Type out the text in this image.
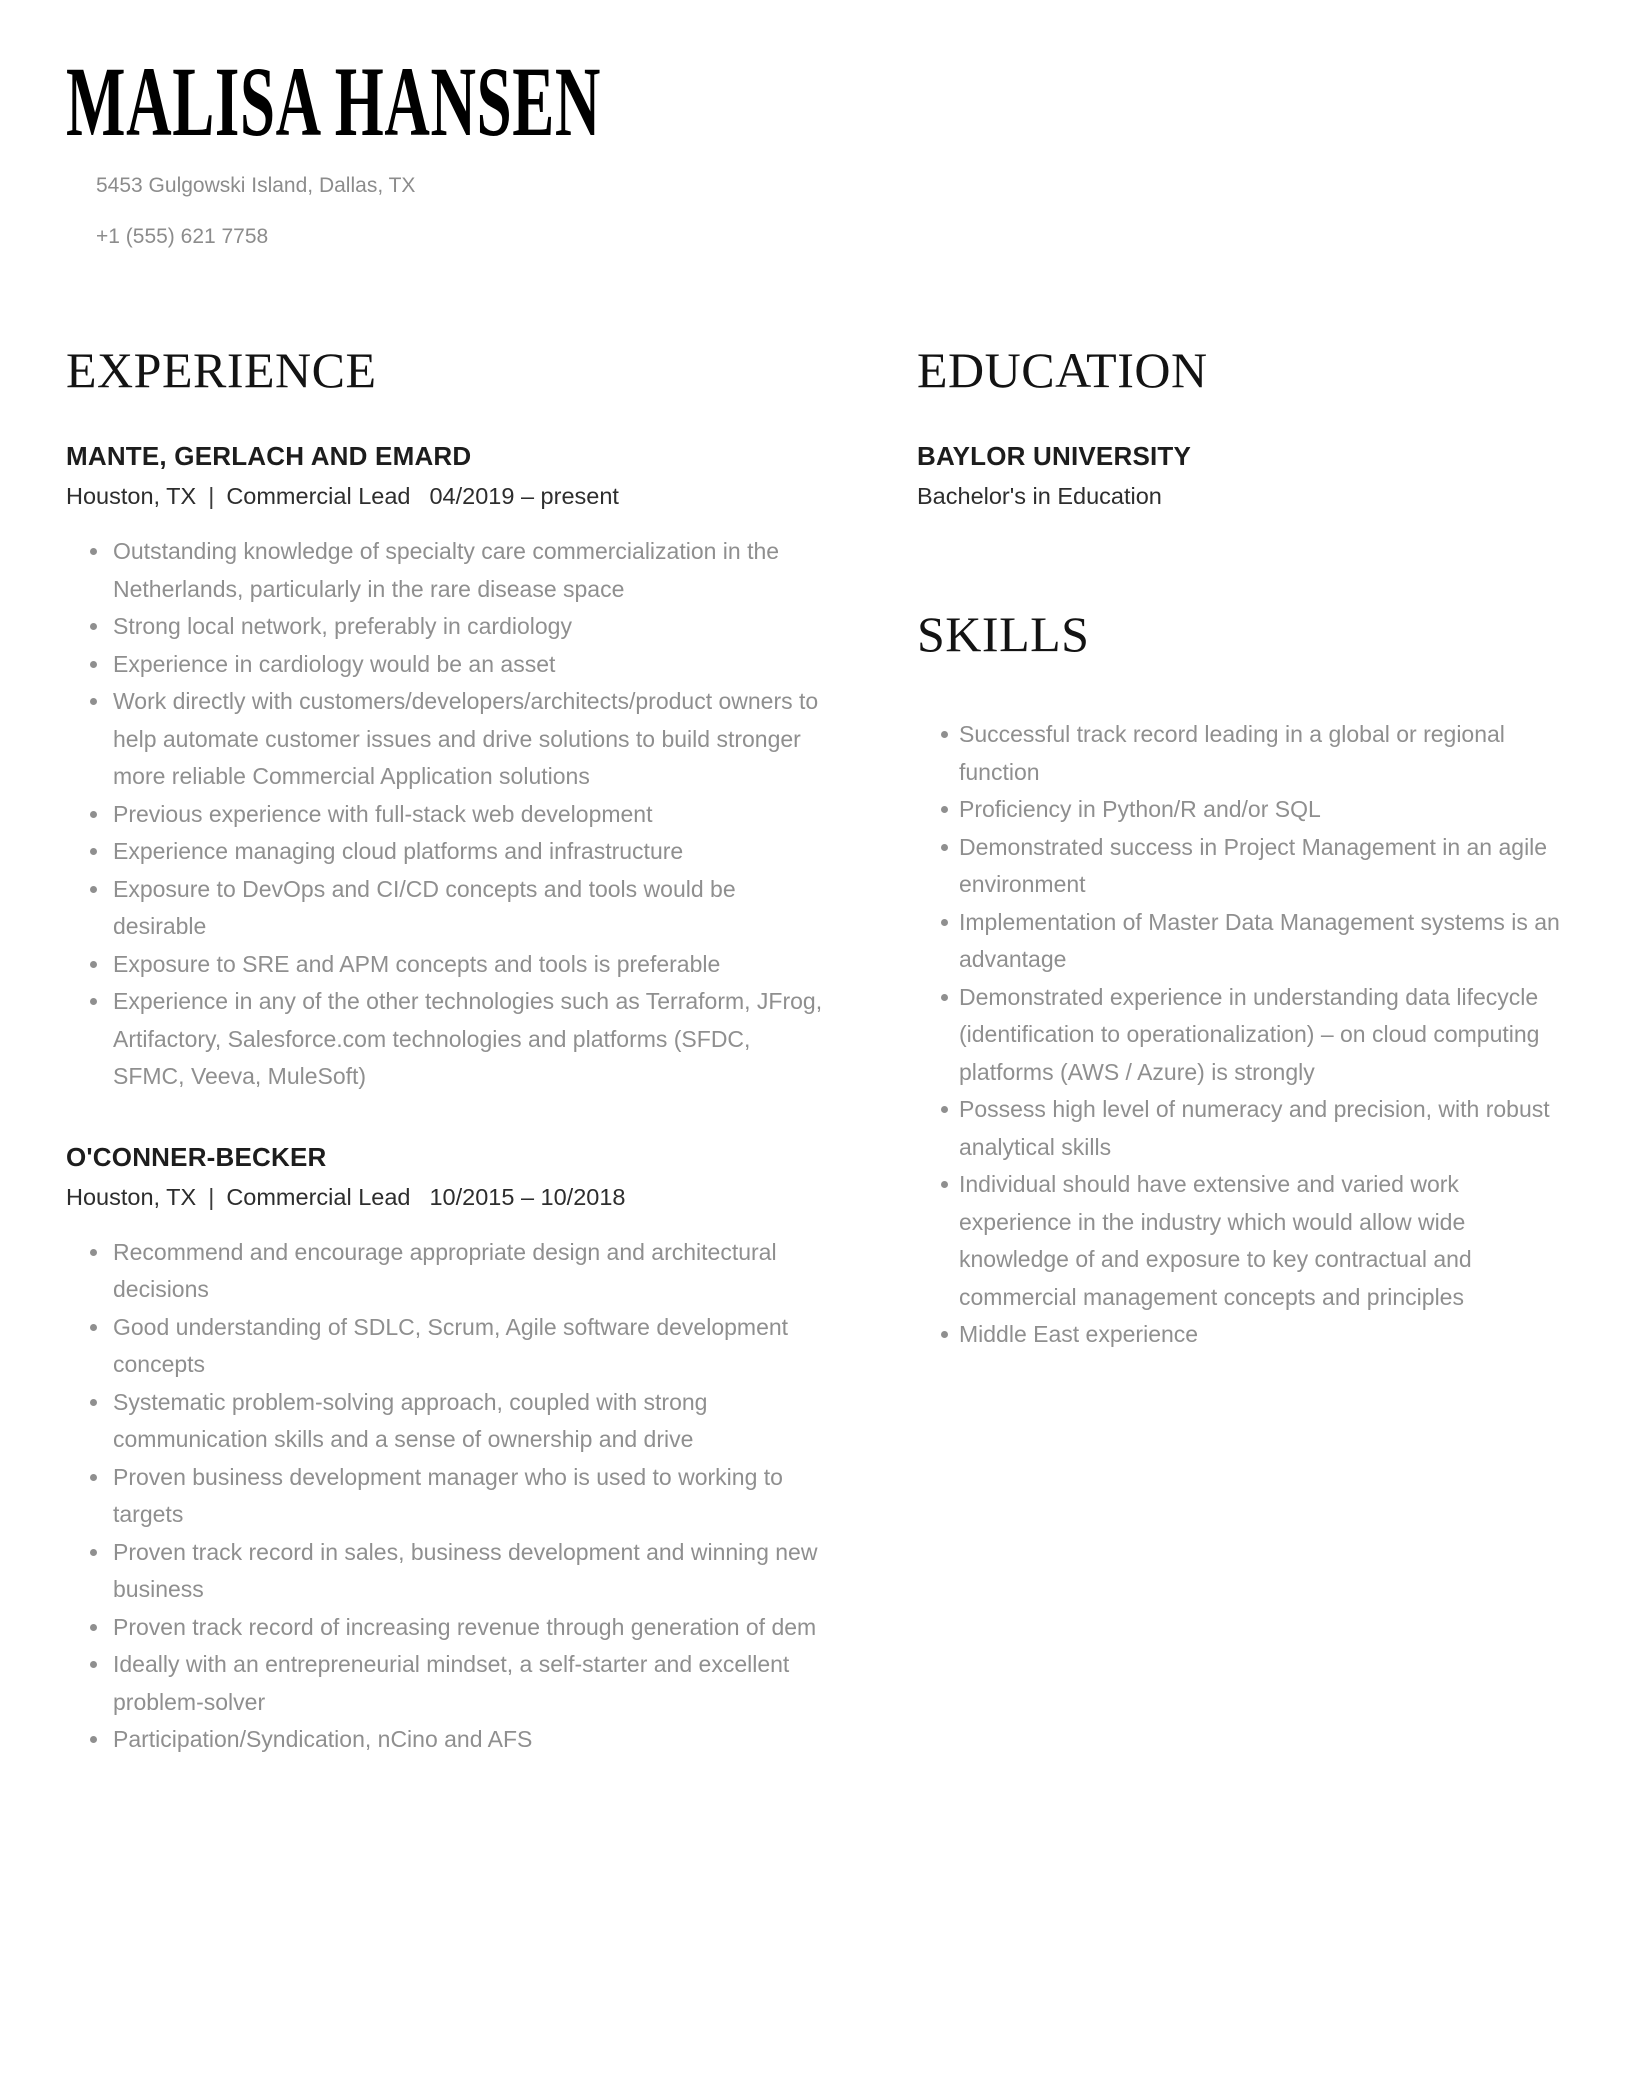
MALISA HANSEN
5453 Gulgowski Island, Dallas, TX
+1 (555) 621 7758
EXPERIENCE
MANTE, GERLACH AND EMARD
Houston, TX | Commercial Lead 04/2019 – present
Outstanding knowledge of specialty care commercialization in the Netherlands, particularly in the rare disease space
Strong local network, preferably in cardiology
Experience in cardiology would be an asset
Work directly with customers/developers/architects/product owners to help automate customer issues and drive solutions to build stronger more reliable Commercial Application solutions
Previous experience with full-stack web development
Experience managing cloud platforms and infrastructure
Exposure to DevOps and CI/CD concepts and tools would be desirable
Exposure to SRE and APM concepts and tools is preferable
Experience in any of the other technologies such as Terraform, JFrog, Artifactory, Salesforce.com technologies and platforms (SFDC, SFMC, Veeva, MuleSoft)
O'CONNER-BECKER
Houston, TX | Commercial Lead 10/2015 – 10/2018
Recommend and encourage appropriate design and architectural decisions
Good understanding of SDLC, Scrum, Agile software development concepts
Systematic problem-solving approach, coupled with strong communication skills and a sense of ownership and drive
Proven business development manager who is used to working to targets
Proven track record in sales, business development and winning new business
Proven track record of increasing revenue through generation of dem
Ideally with an entrepreneurial mindset, a self-starter and excellent problem-solver
Participation/Syndication, nCino and AFS
EDUCATION
BAYLOR UNIVERSITY
Bachelor's in Education
SKILLS
Successful track record leading in a global or regional function
Proficiency in Python/R and/or SQL
Demonstrated success in Project Management in an agile environment
Implementation of Master Data Management systems is an advantage
Demonstrated experience in understanding data lifecycle (identification to operationalization) – on cloud computing platforms (AWS / Azure) is strongly
Possess high level of numeracy and precision, with robust analytical skills
Individual should have extensive and varied work experience in the industry which would allow wide knowledge of and exposure to key contractual and commercial management concepts and principles
Middle East experience
